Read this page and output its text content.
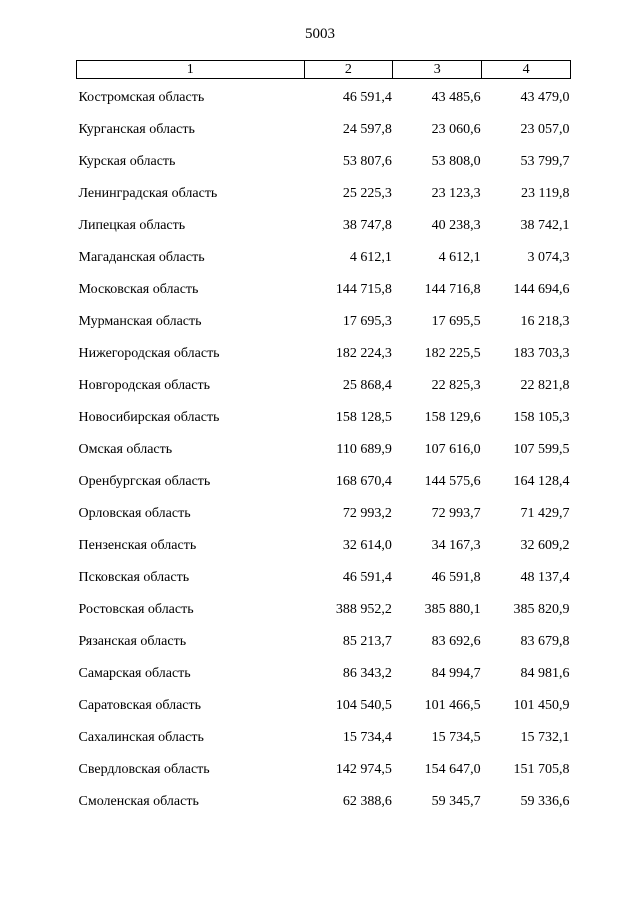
5003
1	2	3	4
Костромская область	46 591,4	43 485,6	43 479,0
Курганская область	24 597,8	23 060,6	23 057,0
Курская область	53 807,6	53 808,0	53 799,7
Ленинградская область	25 225,3	23 123,3	23 119,8
Липецкая область	38 747,8	40 238,3	38 742,1
Магаданская область	4 612,1	4 612,1	3 074,3
Московская область	144 715,8	144 716,8	144 694,6
Мурманская область	17 695,3	17 695,5	16 218,3
Нижегородская область	182 224,3	182 225,5	183 703,3
Новгородская область	25 868,4	22 825,3	22 821,8
Новосибирская область	158 128,5	158 129,6	158 105,3
Омская область	110 689,9	107 616,0	107 599,5
Оренбургская область	168 670,4	144 575,6	164 128,4
Орловская область	72 993,2	72 993,7	71 429,7
Пензенская область	32 614,0	34 167,3	32 609,2
Псковская область	46 591,4	46 591,8	48 137,4
Ростовская область	388 952,2	385 880,1	385 820,9
Рязанская область	85 213,7	83 692,6	83 679,8
Самарская область	86 343,2	84 994,7	84 981,6
Саратовская область	104 540,5	101 466,5	101 450,9
Сахалинская область	15 734,4	15 734,5	15 732,1
Свердловская область	142 974,5	154 647,0	151 705,8
Смоленская область	62 388,6	59 345,7	59 336,6
